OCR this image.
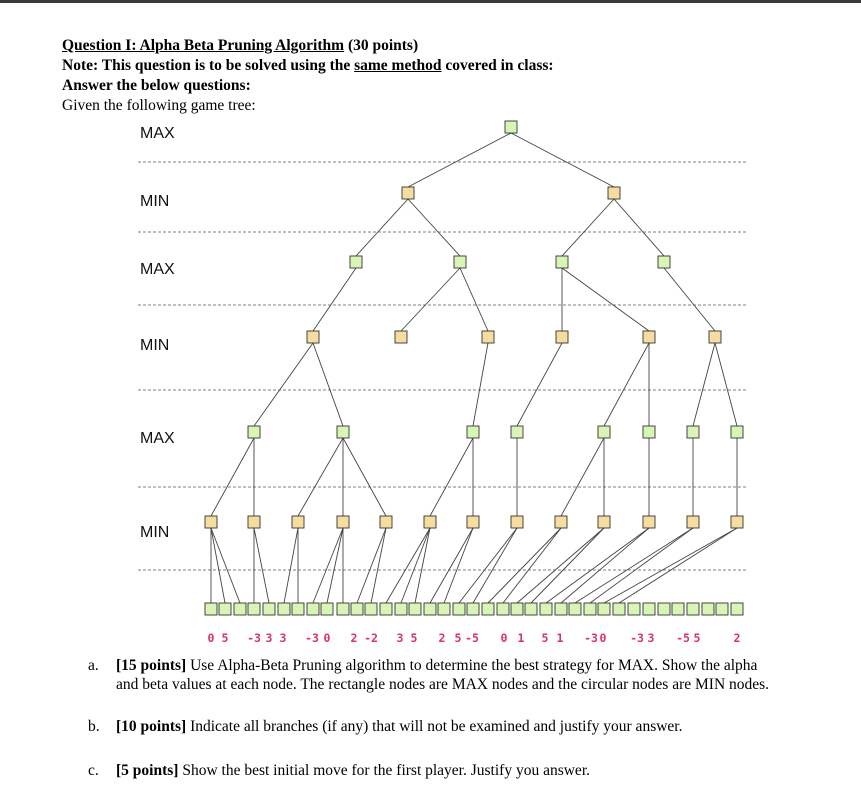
Question I: Alpha Beta Pruning Algorithm (30 points)
Note: This question is to be solved using the same method covered in class:
Answer the below questions:
Given the following game tree:
MAX
MIN
MAX
MIN
MAX
MIN
0 5 -3 3 3 -3 0 2 -2 3 5 2 5 -5 0 1 5 1 -3 0 -3 3 -5 5	2
a. [15 points] Use Alpha-Beta Pruning algorithm to determine the best strategy for MAX. Show the alpha and beta values at each node. The rectangle nodes are MAX nodes and the circular nodes are MIN nodes.
b. [10 points] Indicate all branches (if any) that will not be examined and justify your answer.
c. [5 points] Show the best initial move for the first player. Justify you answer.
